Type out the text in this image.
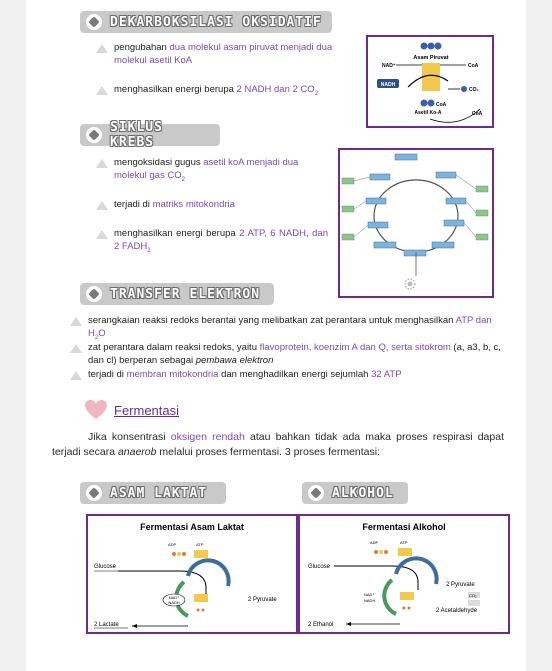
DEKARBOKSILASI OKSIDATIF
pengubahan dua molekul asam piruvat menjadi dua molekul asetil KoA
menghasilkan energi berupa 2 NADH dan 2 $CO_2$
Asam Piruvat
NAD⁺	CoA
NADH
CO₂
CoA
Asetil Ko-A	CoA
SIKLUS KREBS
mengoksidasi gugus asetil koA menjadi dua molekul gas $CO_2$
terjadi di matriks mitokondria
menghasilkan energi berupa 2 ATP, 6 NADH, dan 2 $FADH_2$
TRANSFER ELEKTRON
serangkaian reaksi redoks berantai yang melibatkan zat perantara untuk menghasilkan ATP dan $H_2O$
zat perantara dalam reaksi redoks, yaitu flavoprotein, koenzim A dan Q, serta sitokrom (a, a3, b, c, dan cl) berperan sebagai pembawa elektron
terjadi di membran mitokondria dan menghadilkan energi sejumlah 32 ATP
Fermentasi
Jika konsentrasi oksigen rendah atau bahkan tidak ada maka proses respirasi dapat terjadi secara anaerob melalui proses fermentasi. 3 proses fermentasi:
ASAM LAKTAT	ALKOHOL
Fermentasi Asam Laktat
Glucose
ADP	ATP
NAD⁺
NADH	2 Pyruvate
2 Lactate
Fermentasi Alkohol
Glucose
ADP	ATP
NAD⁺
NADH
2 Pyruvate
CO₂
2 Acetaldehyde
2 Ethanol
